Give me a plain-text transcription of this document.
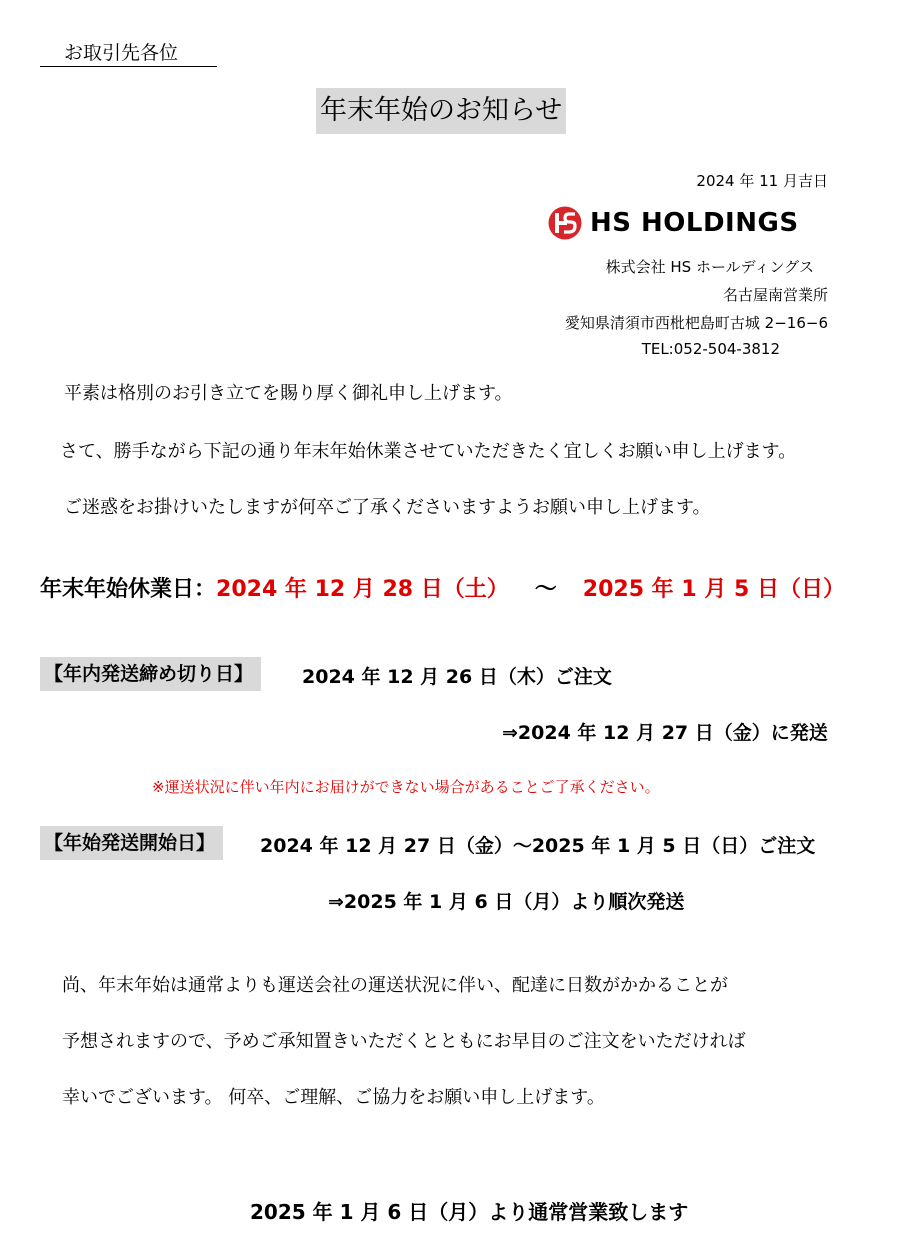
お取引先各位
年末年始のお知らせ
2024 年 11 月吉日
HS HOLDINGS
株式会社 HS ホールディングス
名古屋南営業所
愛知県清須市西枇杷島町古城 2−16−6
TEL:052-504-3812
平素は格別のお引き立てを賜り厚く御礼申し上げます。
さて、勝手ながら下記の通り年末年始休業させていただきたく宜しくお願い申し上げます。
ご迷惑をお掛けいたしますが何卒ご了承くださいますようお願い申し上げます。
年末年始休業日：2024 年 12 月 28 日（土） ～ 2025 年 1 月 5 日（日）
【年内発送締め切り日】	2024 年 12 月 26 日（木）ご注文
⇒2024 年 12 月 27 日（金）に発送
※運送状況に伴い年内にお届けができない場合があることご了承ください。
【年始発送開始日】	2024 年 12 月 27 日（金）～2025 年 1 月 5 日（日）ご注文
⇒2025 年 1 月 6 日（月）より順次発送
尚、年末年始は通常よりも運送会社の運送状況に伴い、配達に日数がかかることが
予想されますので、予めご承知置きいただくとともにお早目のご注文をいただければ
幸いでございます。 何卒、ご理解、ご協力をお願い申し上げます。
2025 年 1 月 6 日（月）より通常営業致します
